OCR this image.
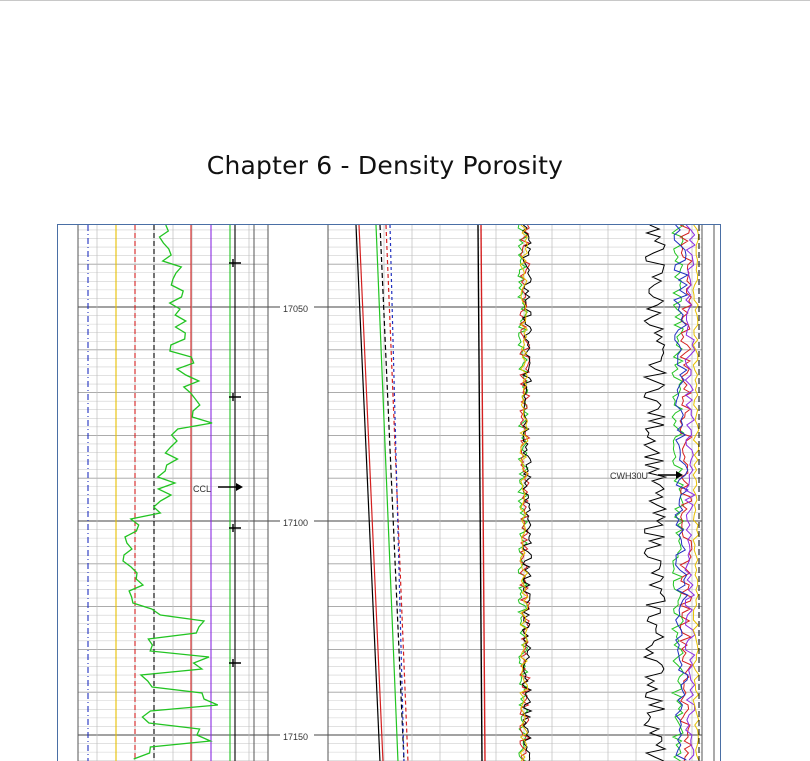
Chapter 6 - Density Porosity
17050
17100
17150
CCL
CWH30U
